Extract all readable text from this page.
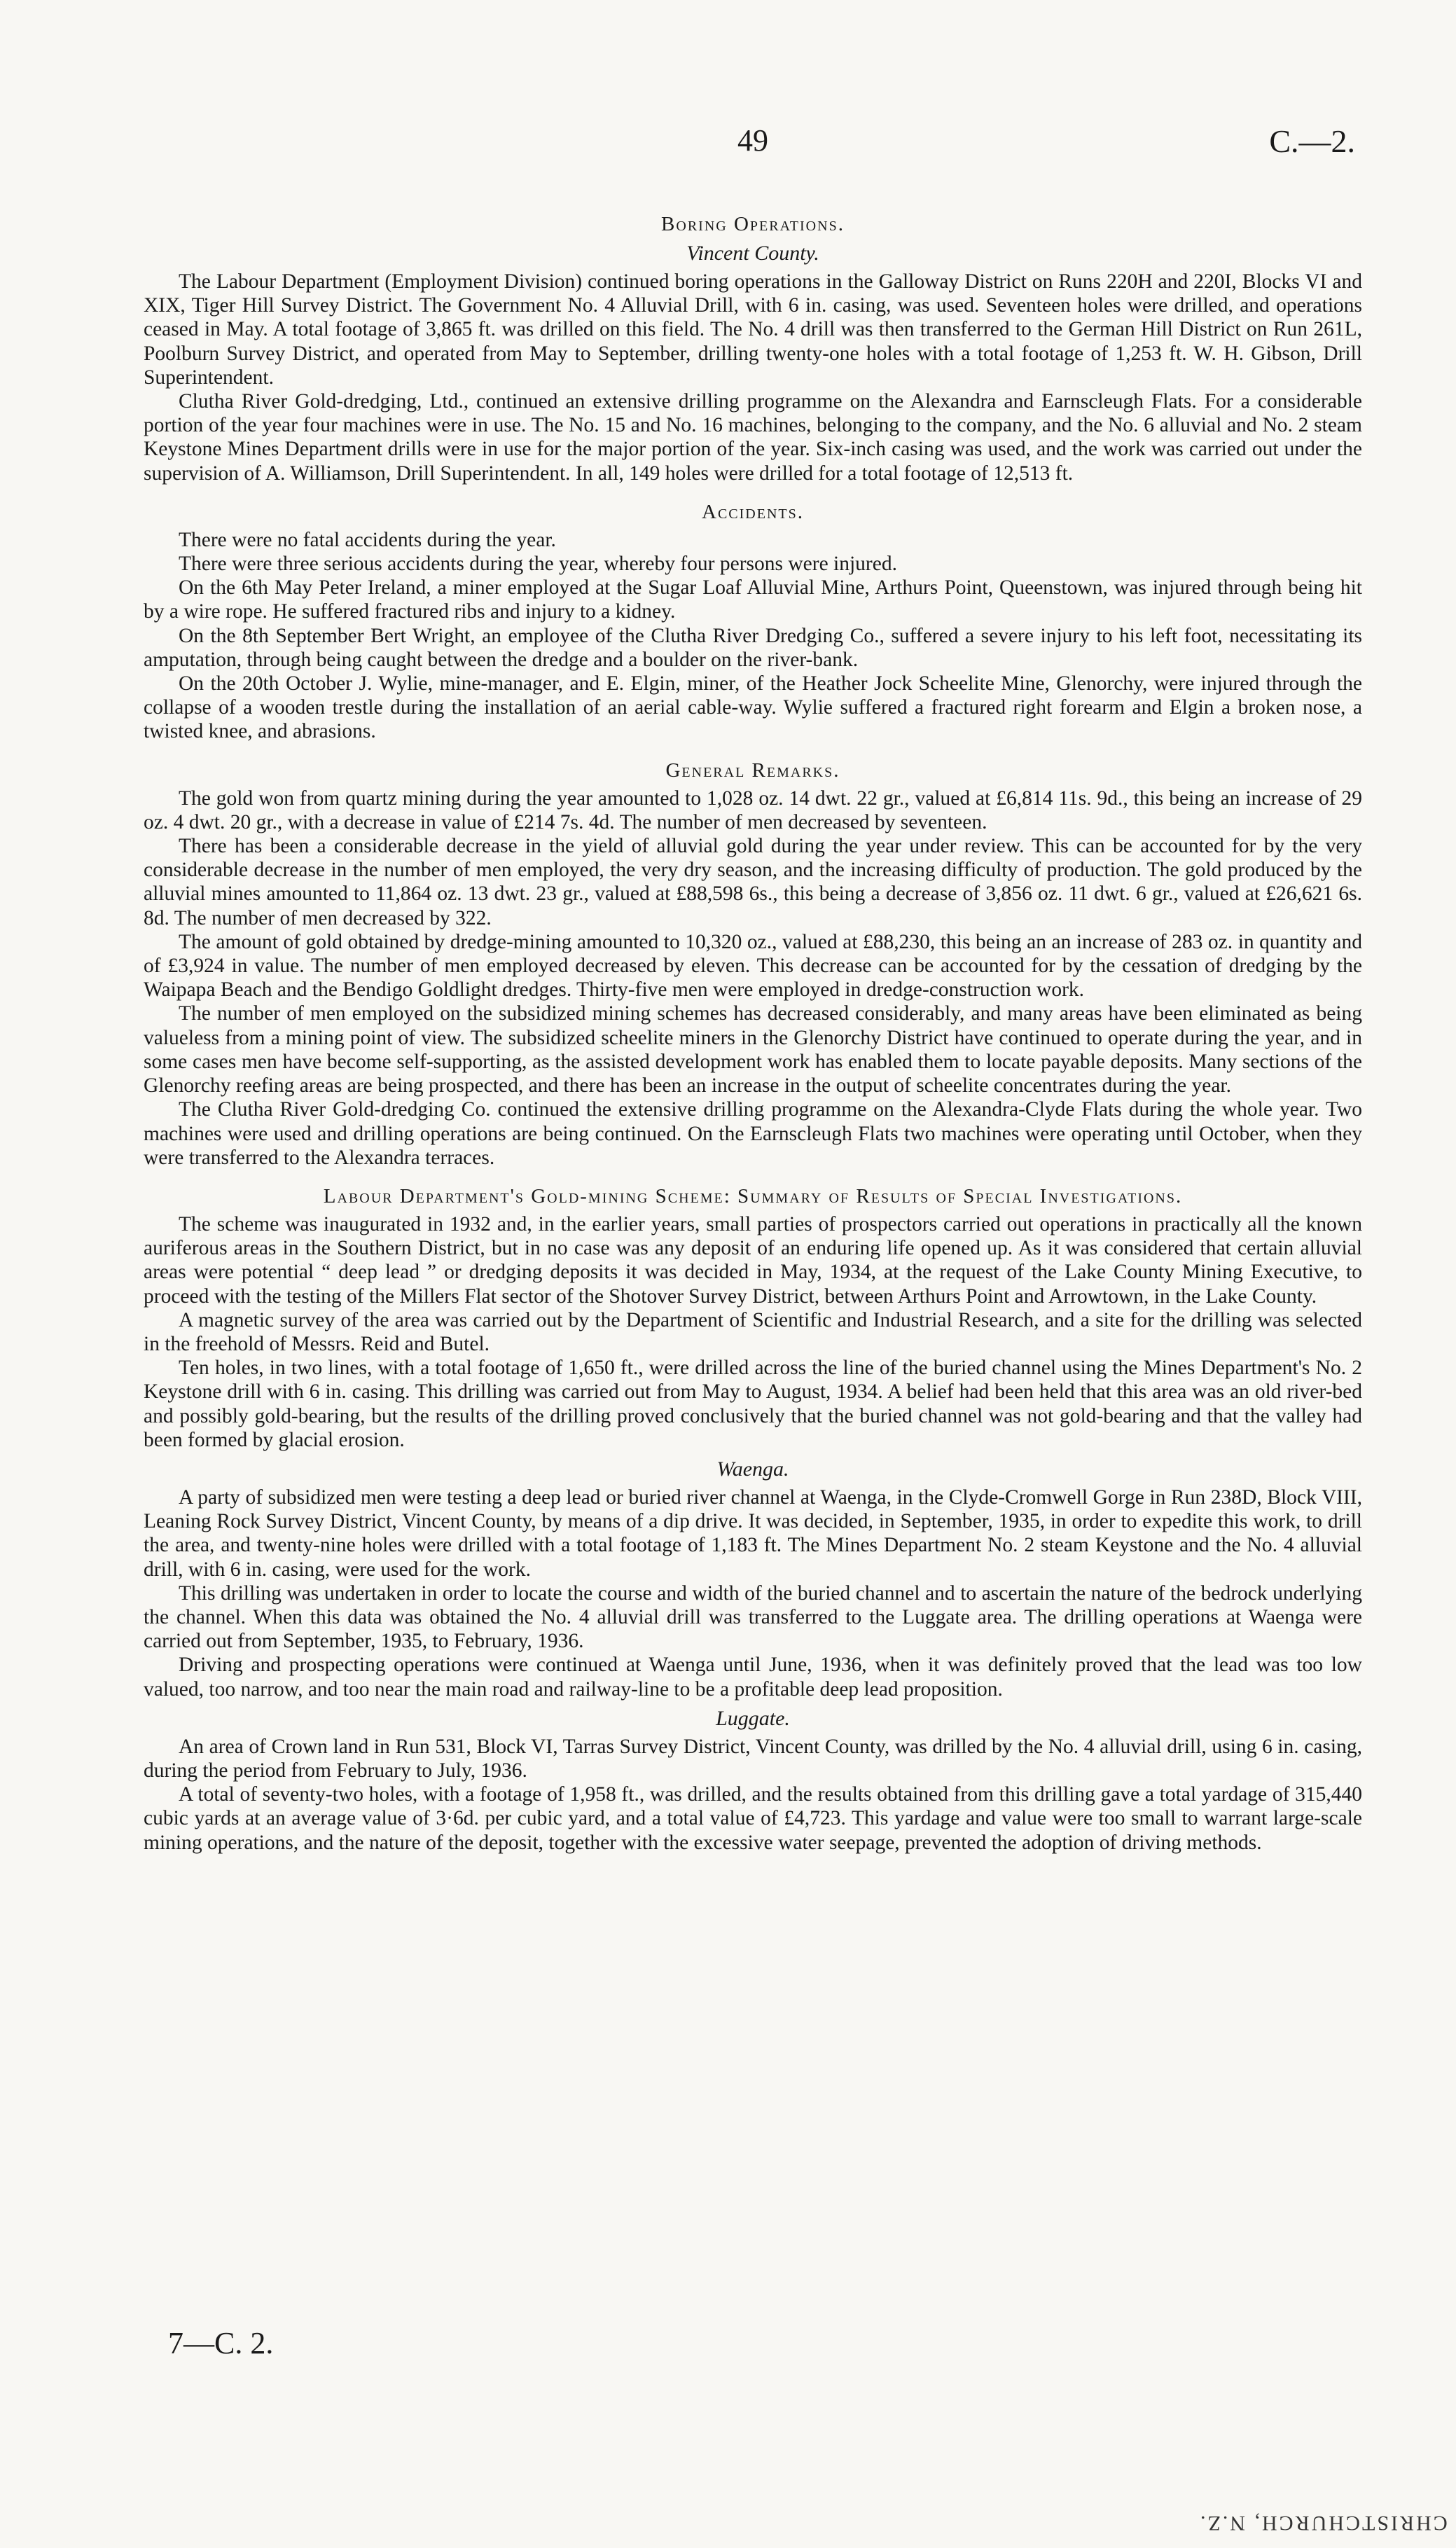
49	C.—2.
Boring Operations.
Vincent County.

The Labour Department (Employment Division) continued boring operations in the Galloway District on Runs 220H and 220I, Blocks VI and XIX, Tiger Hill Survey District. The Government No. 4 Alluvial Drill, with 6 in. casing, was used. Seventeen holes were drilled, and operations ceased in May. A total footage of 3,865 ft. was drilled on this field. The No. 4 drill was then transferred to the German Hill District on Run 261L, Poolburn Survey District, and operated from May to September, drilling twenty-one holes with a total footage of 1,253 ft. W. H. Gibson, Drill Superintendent.

Clutha River Gold-dredging, Ltd., continued an extensive drilling programme on the Alexandra and Earnscleugh Flats. For a considerable portion of the year four machines were in use. The No. 15 and No. 16 machines, belonging to the company, and the No. 6 alluvial and No. 2 steam Keystone Mines Department drills were in use for the major portion of the year. Six-inch casing was used, and the work was carried out under the supervision of A. Williamson, Drill Superintendent. In all, 149 holes were drilled for a total footage of 12,513 ft.

Accidents.

There were no fatal accidents during the year.

There were three serious accidents during the year, whereby four persons were injured.

On the 6th May Peter Ireland, a miner employed at the Sugar Loaf Alluvial Mine, Arthurs Point, Queenstown, was injured through being hit by a wire rope. He suffered fractured ribs and injury to a kidney.

On the 8th September Bert Wright, an employee of the Clutha River Dredging Co., suffered a severe injury to his left foot, necessitating its amputation, through being caught between the dredge and a boulder on the river-bank.

On the 20th October J. Wylie, mine-manager, and E. Elgin, miner, of the Heather Jock Scheelite Mine, Glenorchy, were injured through the collapse of a wooden trestle during the installation of an aerial cable-way. Wylie suffered a fractured right forearm and Elgin a broken nose, a twisted knee, and abrasions.

General Remarks.

The gold won from quartz mining during the year amounted to 1,028 oz. 14 dwt. 22 gr., valued at £6,814 11s. 9d., this being an increase of 29 oz. 4 dwt. 20 gr., with a decrease in value of £214 7s. 4d. The number of men decreased by seventeen.

There has been a considerable decrease in the yield of alluvial gold during the year under review. This can be accounted for by the very considerable decrease in the number of men employed, the very dry season, and the increasing difficulty of production. The gold produced by the alluvial mines amounted to 11,864 oz. 13 dwt. 23 gr., valued at £88,598 6s., this being a decrease of 3,856 oz. 11 dwt. 6 gr., valued at £26,621 6s. 8d. The number of men decreased by 322.

The amount of gold obtained by dredge-mining amounted to 10,320 oz., valued at £88,230, this being an an increase of 283 oz. in quantity and of £3,924 in value. The number of men employed decreased by eleven. This decrease can be accounted for by the cessation of dredging by the Waipapa Beach and the Bendigo Goldlight dredges. Thirty-five men were employed in dredge-construction work.

The number of men employed on the subsidized mining schemes has decreased considerably, and many areas have been eliminated as being valueless from a mining point of view. The subsidized scheelite miners in the Glenorchy District have continued to operate during the year, and in some cases men have become self-supporting, as the assisted development work has enabled them to locate payable deposits. Many sections of the Glenorchy reefing areas are being prospected, and there has been an increase in the output of scheelite concentrates during the year.

The Clutha River Gold-dredging Co. continued the extensive drilling programme on the Alexandra-Clyde Flats during the whole year. Two machines were used and drilling operations are being continued. On the Earnscleugh Flats two machines were operating until October, when they were transferred to the Alexandra terraces.

Labour Department's Gold-mining Scheme: Summary of Results of Special Investigations.

The scheme was inaugurated in 1932 and, in the earlier years, small parties of prospectors carried out operations in practically all the known auriferous areas in the Southern District, but in no case was any deposit of an enduring life opened up. As it was considered that certain alluvial areas were potential “ deep lead ” or dredging deposits it was decided in May, 1934, at the request of the Lake County Mining Executive, to proceed with the testing of the Millers Flat sector of the Shotover Survey District, between Arthurs Point and Arrowtown, in the Lake County.

A magnetic survey of the area was carried out by the Department of Scientific and Industrial Research, and a site for the drilling was selected in the freehold of Messrs. Reid and Butel.

Ten holes, in two lines, with a total footage of 1,650 ft., were drilled across the line of the buried channel using the Mines Department's No. 2 Keystone drill with 6 in. casing. This drilling was carried out from May to August, 1934. A belief had been held that this area was an old river-bed and possibly gold-bearing, but the results of the drilling proved conclusively that the buried channel was not gold-bearing and that the valley had been formed by glacial erosion.

Waenga.

A party of subsidized men were testing a deep lead or buried river channel at Waenga, in the Clyde-Cromwell Gorge in Run 238D, Block VIII, Leaning Rock Survey District, Vincent County, by means of a dip drive. It was decided, in September, 1935, in order to expedite this work, to drill the area, and twenty-nine holes were drilled with a total footage of 1,183 ft. The Mines Department No. 2 steam Keystone and the No. 4 alluvial drill, with 6 in. casing, were used for the work.

This drilling was undertaken in order to locate the course and width of the buried channel and to ascertain the nature of the bedrock underlying the channel. When this data was obtained the No. 4 alluvial drill was transferred to the Luggate area. The drilling operations at Waenga were carried out from September, 1935, to February, 1936.

Driving and prospecting operations were continued at Waenga until June, 1936, when it was definitely proved that the lead was too low valued, too narrow, and too near the main road and railway-line to be a profitable deep lead proposition.

Luggate.

An area of Crown land in Run 531, Block VI, Tarras Survey District, Vincent County, was drilled by the No. 4 alluvial drill, using 6 in. casing, during the period from February to July, 1936.

A total of seventy-two holes, with a footage of 1,958 ft., was drilled, and the results obtained from this drilling gave a total yardage of 315,440 cubic yards at an average value of 3·6d. per cubic yard, and a total value of £4,723. This yardage and value were too small to warrant large-scale mining operations, and the nature of the deposit, together with the excessive water seepage, prevented the adoption of driving methods.

7—C. 2.
CHRISTCHURCH, N.Z.
